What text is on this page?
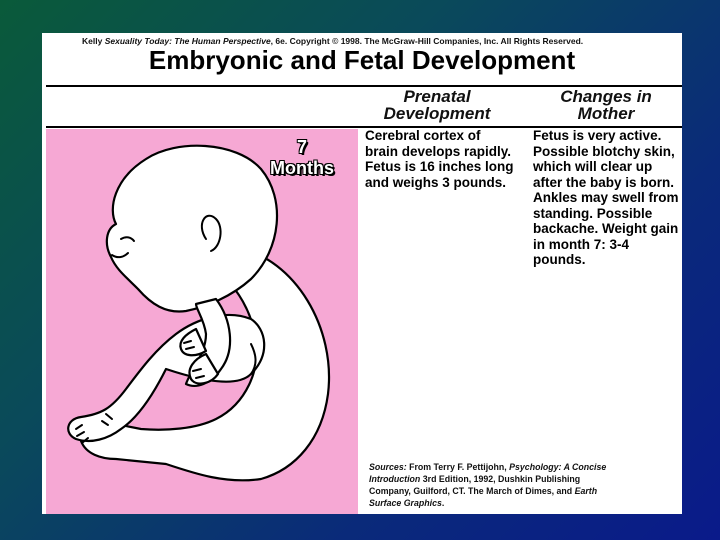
Kelly Sexuality Today: The Human Perspective, 6e. Copyright © 1998. The McGraw-Hill Companies, Inc. All Rights Reserved.
Embryonic and Fetal Development
Prenatal Development
Changes in Mother
7
Months
Cerebral cortex of brain develops rapidly. Fetus is 16 inches long and weighs 3 pounds.
Fetus is very active. Possible blotchy skin, which will clear up after the baby is born. Ankles may swell from standing. Possible backache. Weight gain in month 7: 3-4 pounds.
Sources: From Terry F. Pettijohn, Psychology: A Concise Introduction 3rd Edition, 1992, Dushkin Publishing Company, Guilford, CT. The March of Dimes, and Earth Surface Graphics.
